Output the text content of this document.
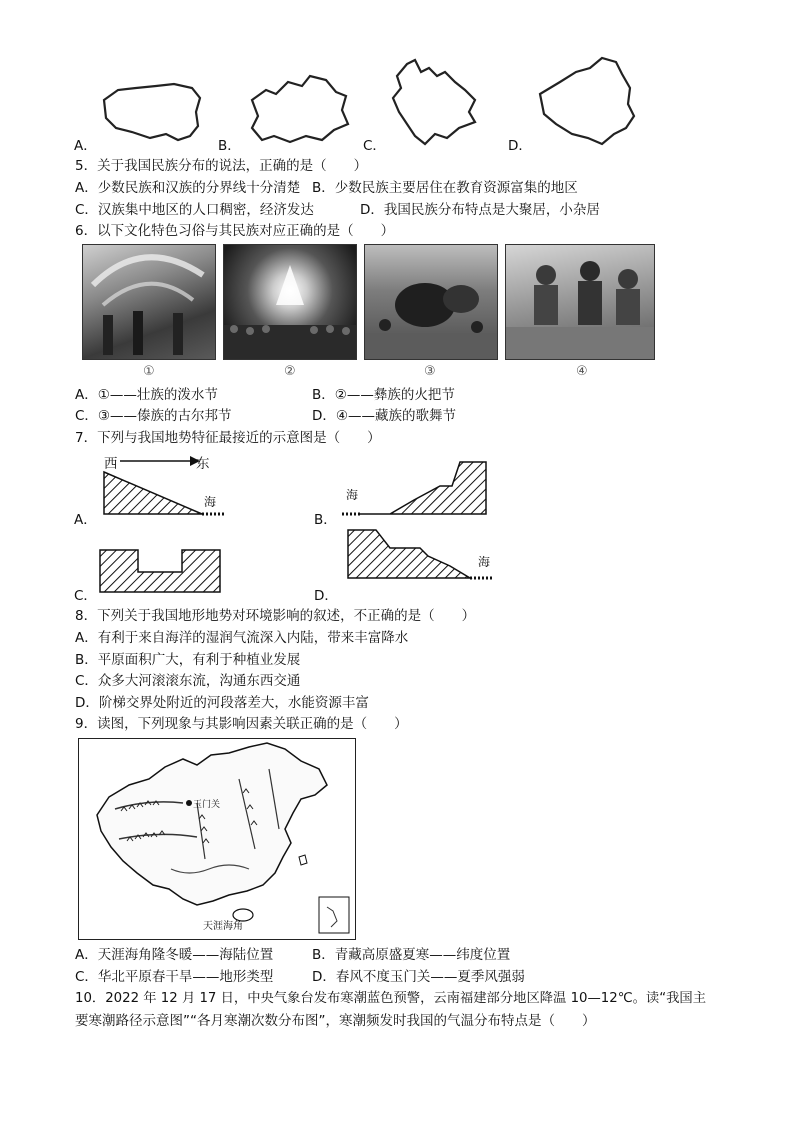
A．	B．	C．	D．
5．关于我国民族分布的说法，正确的是（　　）
A．少数民族和汉族的分界线十分清楚 B．少数民族主要居住在教育资源富集的地区
C．汉族集中地区的人口稠密，经济发达	D．我国民族分布特点是大聚居，小杂居
6．以下文化特色习俗与其民族对应正确的是（　　）
①	②	③	④
A．①——壮族的泼水节	B．②——彝族的火把节
C．③——傣族的古尔邦节	D．④——藏族的歌舞节
7．下列与我国地势特征最接近的示意图是（　　）
西	东
海
A．
海
B．
C．
海
D．
8．下列关于我国地形地势对环境影响的叙述，不正确的是（　　）
A．有利于来自海洋的湿润气流深入内陆，带来丰富降水
B．平原面积广大，有利于种植业发展
C．众多大河滚滚东流，沟通东西交通
D．阶梯交界处附近的河段落差大，水能资源丰富
9．读图，下列现象与其影响因素关联正确的是（　　）
玉门关
天涯海角
A．天涯海角隆冬暖——海陆位置	B．青藏高原盛夏寒——纬度位置
C．华北平原春干旱——地形类型	D．春风不度玉门关——夏季风强弱
10．2022 年 12 月 17 日，中央气象台发布寒潮蓝色预警，云南福建部分地区降温 10—12℃。读“我国主
要寒潮路径示意图”“各月寒潮次数分布图”，寒潮频发时我国的气温分布特点是（　　）
